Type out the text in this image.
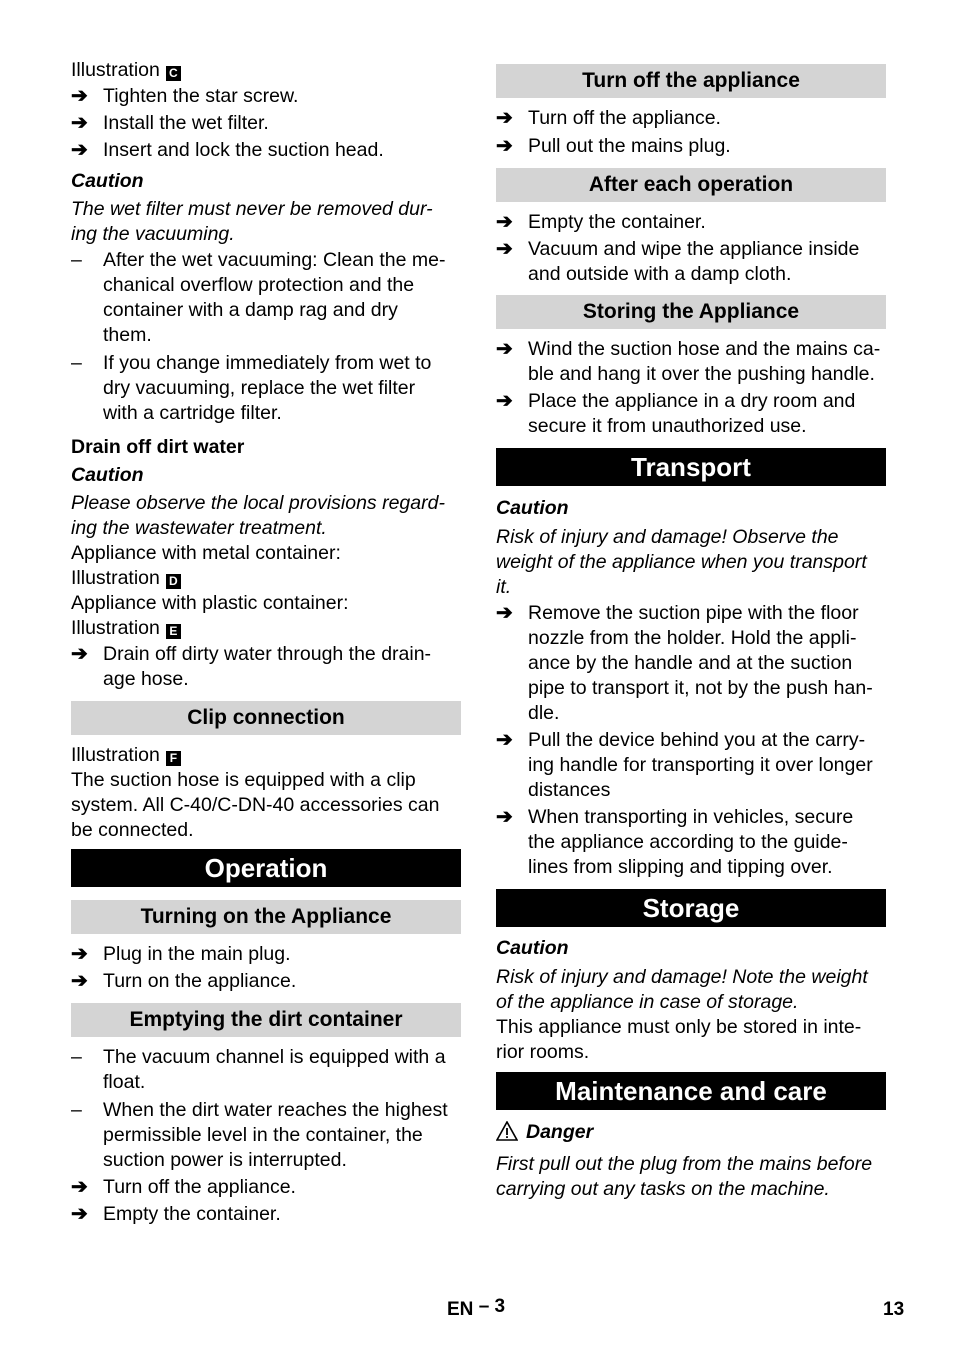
Illustration C

➔ Tighten the star screw.
➔ Install the wet filter.
➔ Insert and lock the suction head.

Caution

The wet filter must never be removed dur-
ing the vacuuming.

–	After the wet vacuuming: Clean the me-
chanical overflow protection and the
container with a damp rag and dry
them.
–	If you change immediately from wet to
dry vacuuming, replace the wet filter
with a cartridge filter.

Drain off dirt water

Caution

Please observe the local provisions regard-
ing the wastewater treatment.

Appliance with metal container:

Illustration D

Appliance with plastic container:

Illustration E

➔ Drain off dirty water through the drain-
age hose.
Clip connection

Illustration F

The suction hose is equipped with a clip
system. All C-40/C-DN-40 accessories can
be connected.

Operation
Turning on the Appliance
➔ Plug in the main plug.
➔ Turn on the appliance.
Emptying the dirt container
–	The vacuum channel is equipped with a
float.
–	When the dirt water reaches the highest
permissible level in the container, the
suction power is interrupted.
➔ Turn off the appliance.
➔ Empty the container.
Turn off the appliance
➔ Turn off the appliance.
➔ Pull out the mains plug.
After each operation
➔ Empty the container.
➔ Vacuum and wipe the appliance inside
and outside with a damp cloth.
Storing the Appliance
➔ Wind the suction hose and the mains ca-
ble and hang it over the pushing handle.
➔ Place the appliance in a dry room and
secure it from unauthorized use.
Transport

Caution

Risk of injury and damage! Observe the
weight of the appliance when you transport
it.

➔ Remove the suction pipe with the floor
nozzle from the holder. Hold the appli-
ance by the handle and at the suction
pipe to transport it, not by the push han-
dle.
➔ Pull the device behind you at the carry-
ing handle for transporting it over longer
distances
➔ When transporting in vehicles, secure
the appliance according to the guide-
lines from slipping and tipping over.
Storage

Caution

Risk of injury and damage! Note the weight
of the appliance in case of storage.

This appliance must only be stored in inte-
rior rooms.

Maintenance and care

Danger

First pull out the plug from the mains before
carrying out any tasks on the machine.

EN – 3	13
